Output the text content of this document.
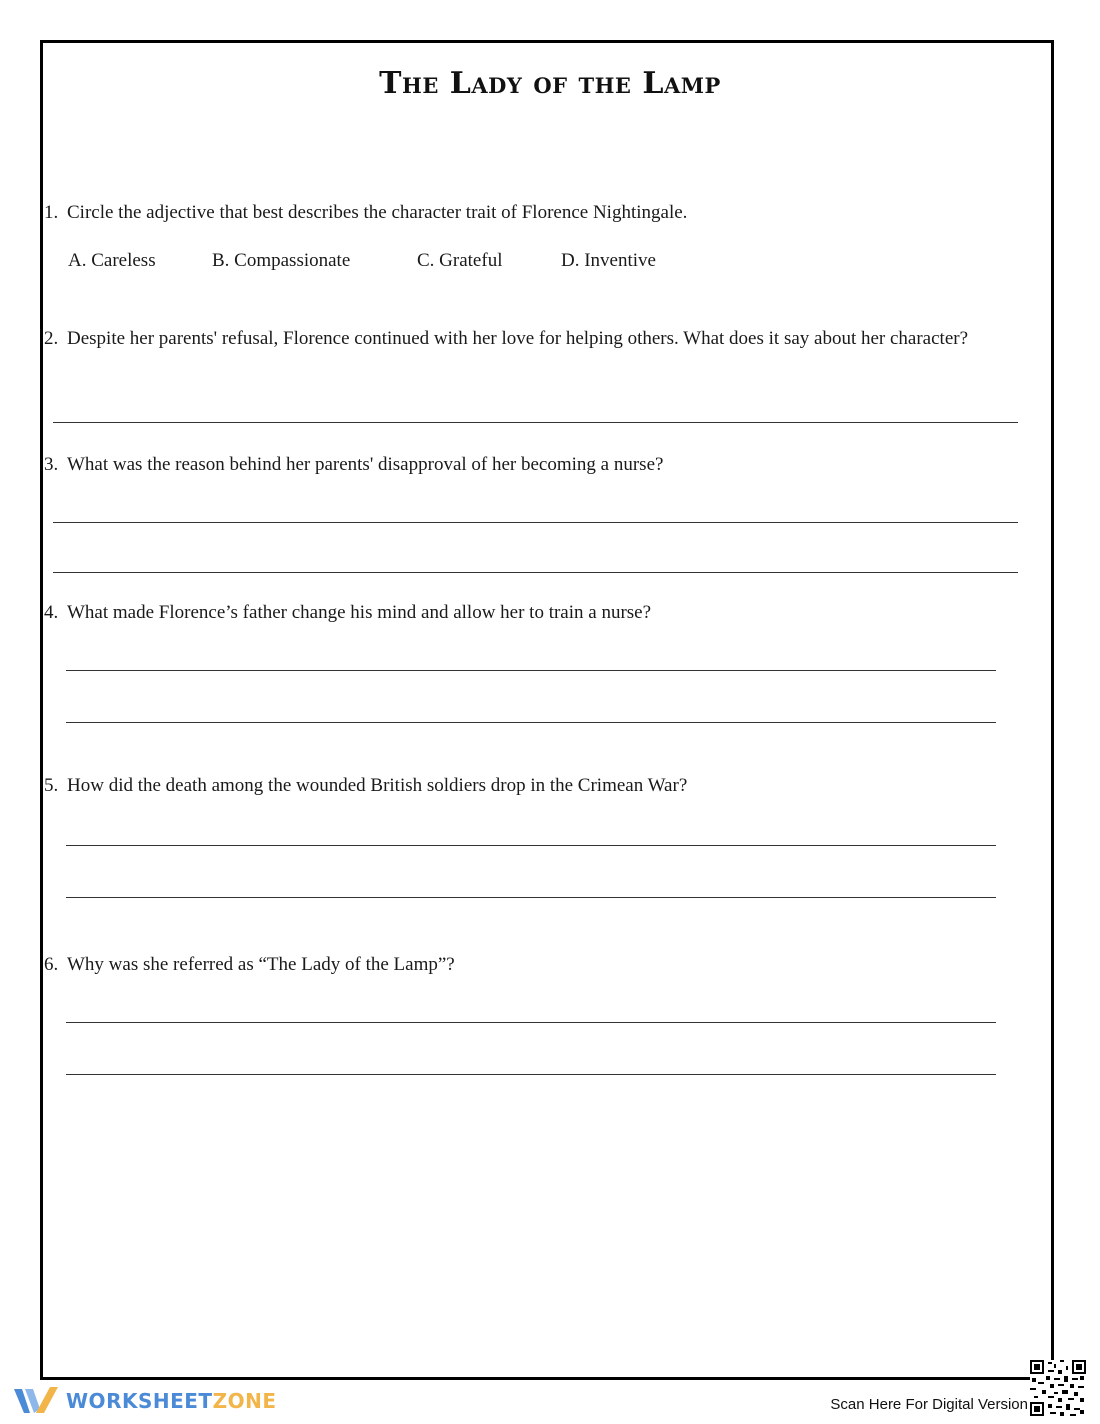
The Lady of the Lamp
1. Circle the adjective that best describes the character trait of Florence Nightingale.
A. Careless	B. Compassionate	C. Grateful	D. Inventive
2. Despite her parents' refusal, Florence continued with her love for helping others. What does it say about her character?
3. What was the reason behind her parents' disapproval of her becoming a nurse?
4. What made Florence’s father change his mind and allow her to train a nurse?
5. How did the death among the wounded British soldiers drop in the Crimean War?
6. Why was she referred as “The Lady of the Lamp”?
WORKSHEETZONE	Scan Here For Digital Version
